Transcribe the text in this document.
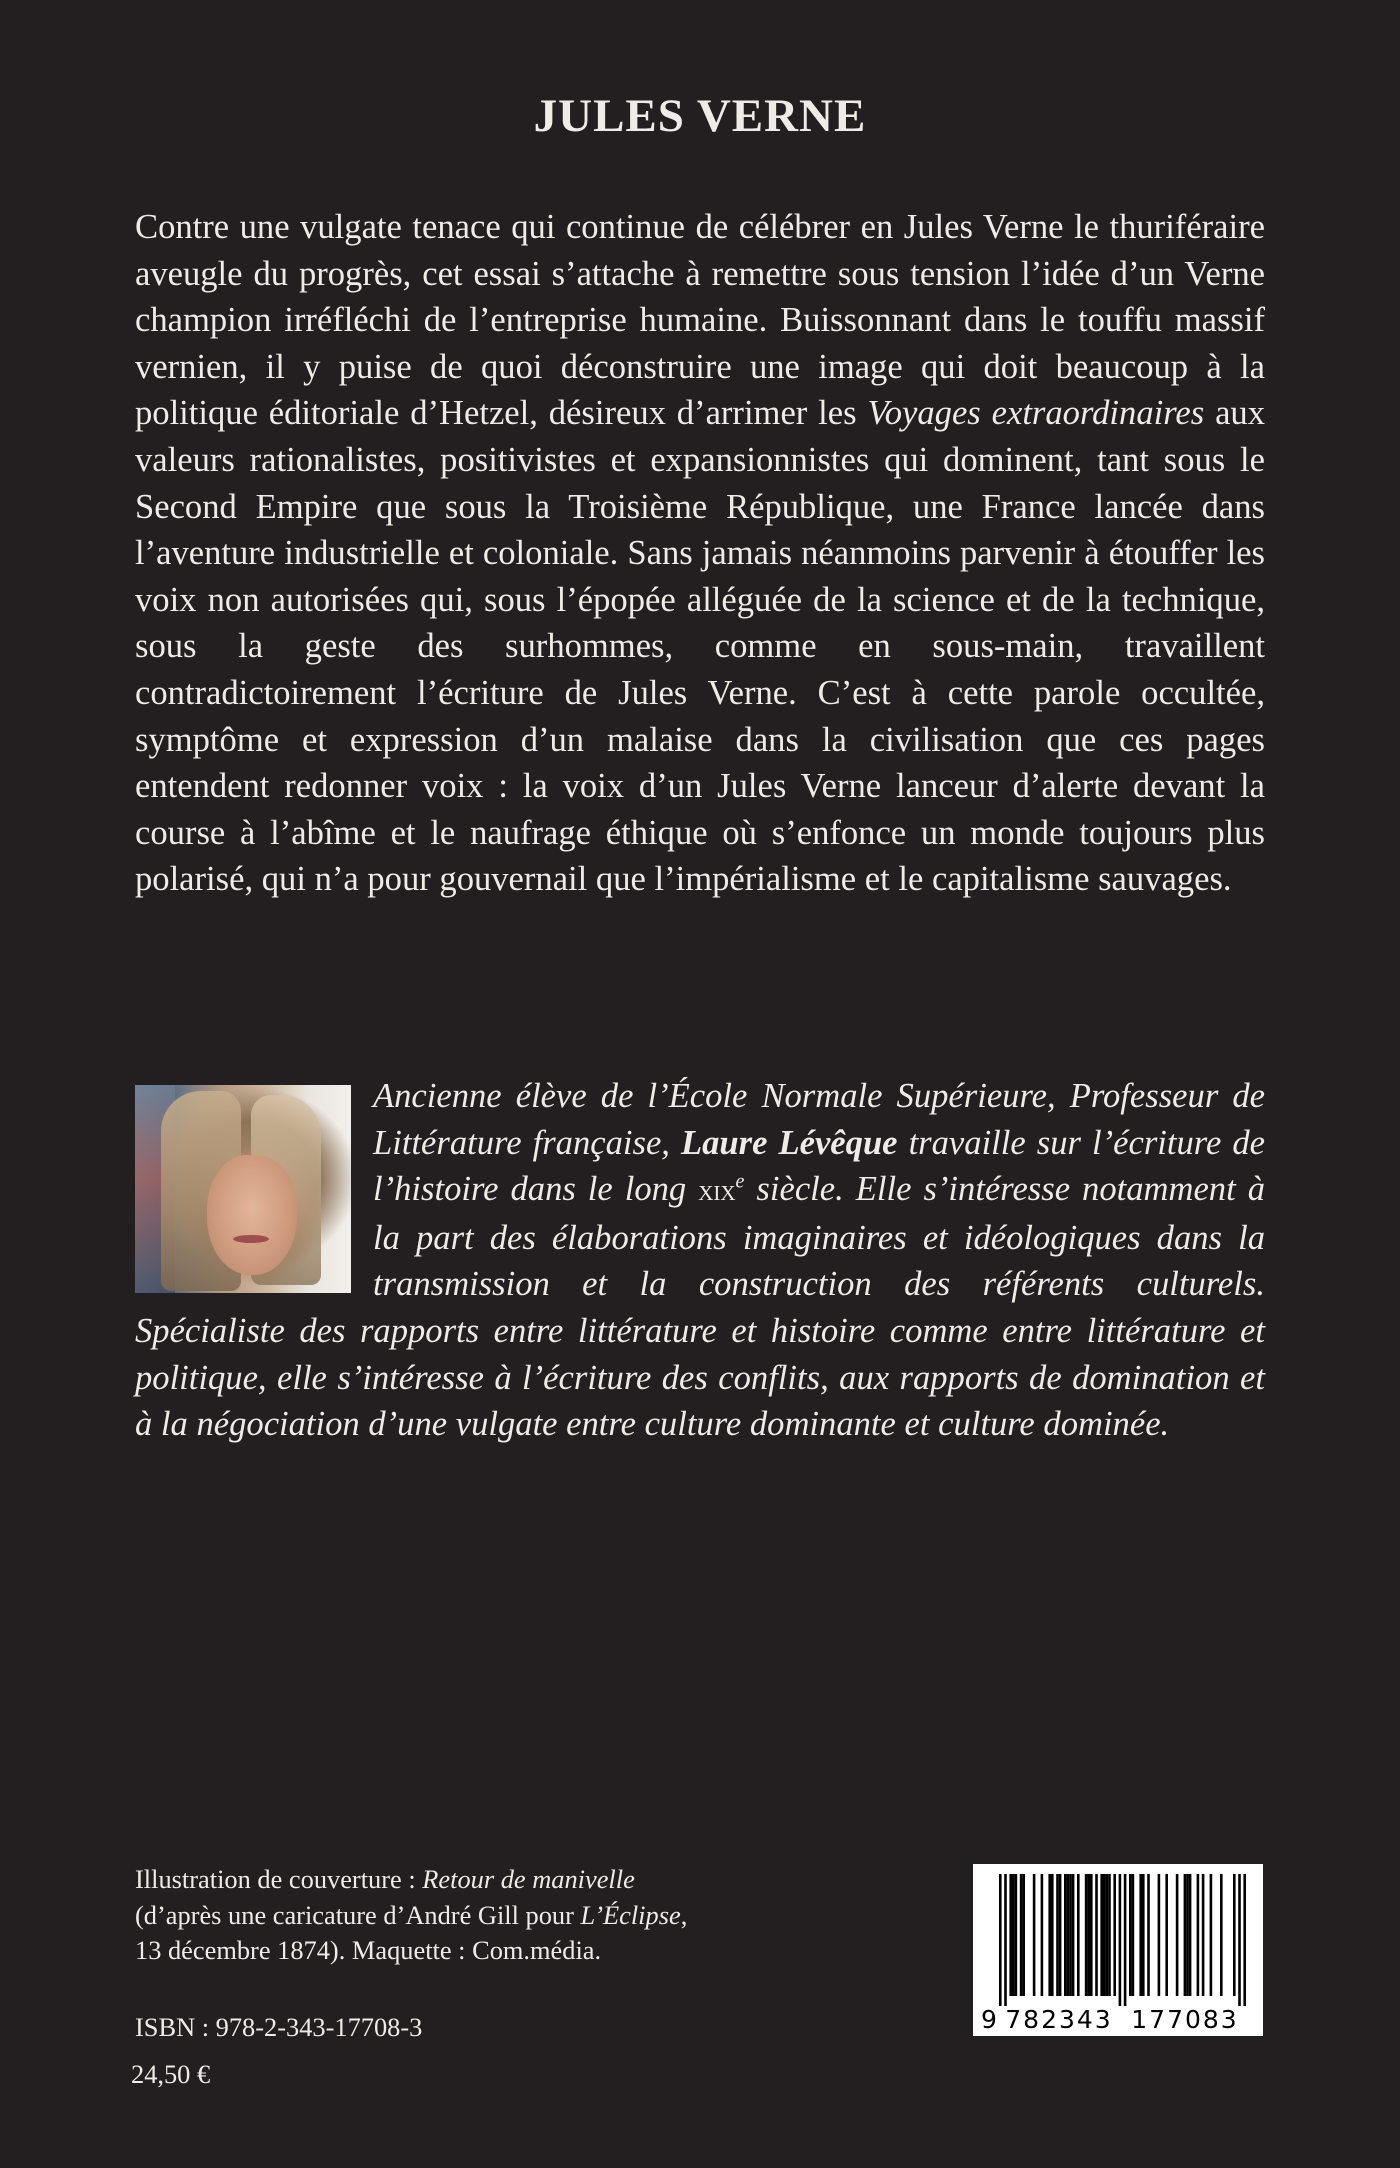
JULES VERNE

Contre une vulgate tenace qui continue de célébrer en Jules Verne le thuriféraire aveugle du progrès, cet essai s’attache à remettre sous tension l’idée d’un Verne champion irréfléchi de l’entreprise humaine. Buissonnant dans le touffu massif vernien, il y puise de quoi déconstruire une image qui doit beaucoup à la politique éditoriale d’Hetzel, désireux d’arrimer les Voyages extraordinaires aux valeurs rationalistes, positivistes et expansionnistes qui dominent, tant sous le Second Empire que sous la Troisième République, une France lancée dans l’aventure industrielle et coloniale. Sans jamais néanmoins parvenir à étouffer les voix non autorisées qui, sous l’épopée alléguée de la science et de la technique, sous la geste des surhommes, comme en sous-main, travaillent contradictoirement l’écriture de Jules Verne. C’est à cette parole occultée, symptôme et expression d’un malaise dans la civilisation que ces pages entendent redonner voix : la voix d’un Jules Verne lanceur d’alerte devant la course à l’abîme et le naufrage éthique où s’enfonce un monde toujours plus polarisé, qui n’a pour gouvernail que l’impérialisme et le capitalisme sauvages.

Ancienne élève de l’École Normale Supérieure, Professeur de Littérature française, Laure Lévêque travaille sur l’écriture de l’histoire dans le long xix$^e$ siècle. Elle s’intéresse notamment à la part des élaborations imaginaires et idéologiques dans la transmission et la construction des référents culturels. Spécialiste des rapports entre littérature et histoire comme entre littérature et politique, elle s’intéresse à l’écriture des conflits, aux rapports de domination et à la négociation d’une vulgate entre culture dominante et culture dominée.

Illustration de couverture : Retour de manivelle
(d’après une caricature d’André Gill pour L’Éclipse,
13 décembre 1874). Maquette : Com.média.

ISBN : 978-2-343-17708-3

24,50 €

9 782343 177083
